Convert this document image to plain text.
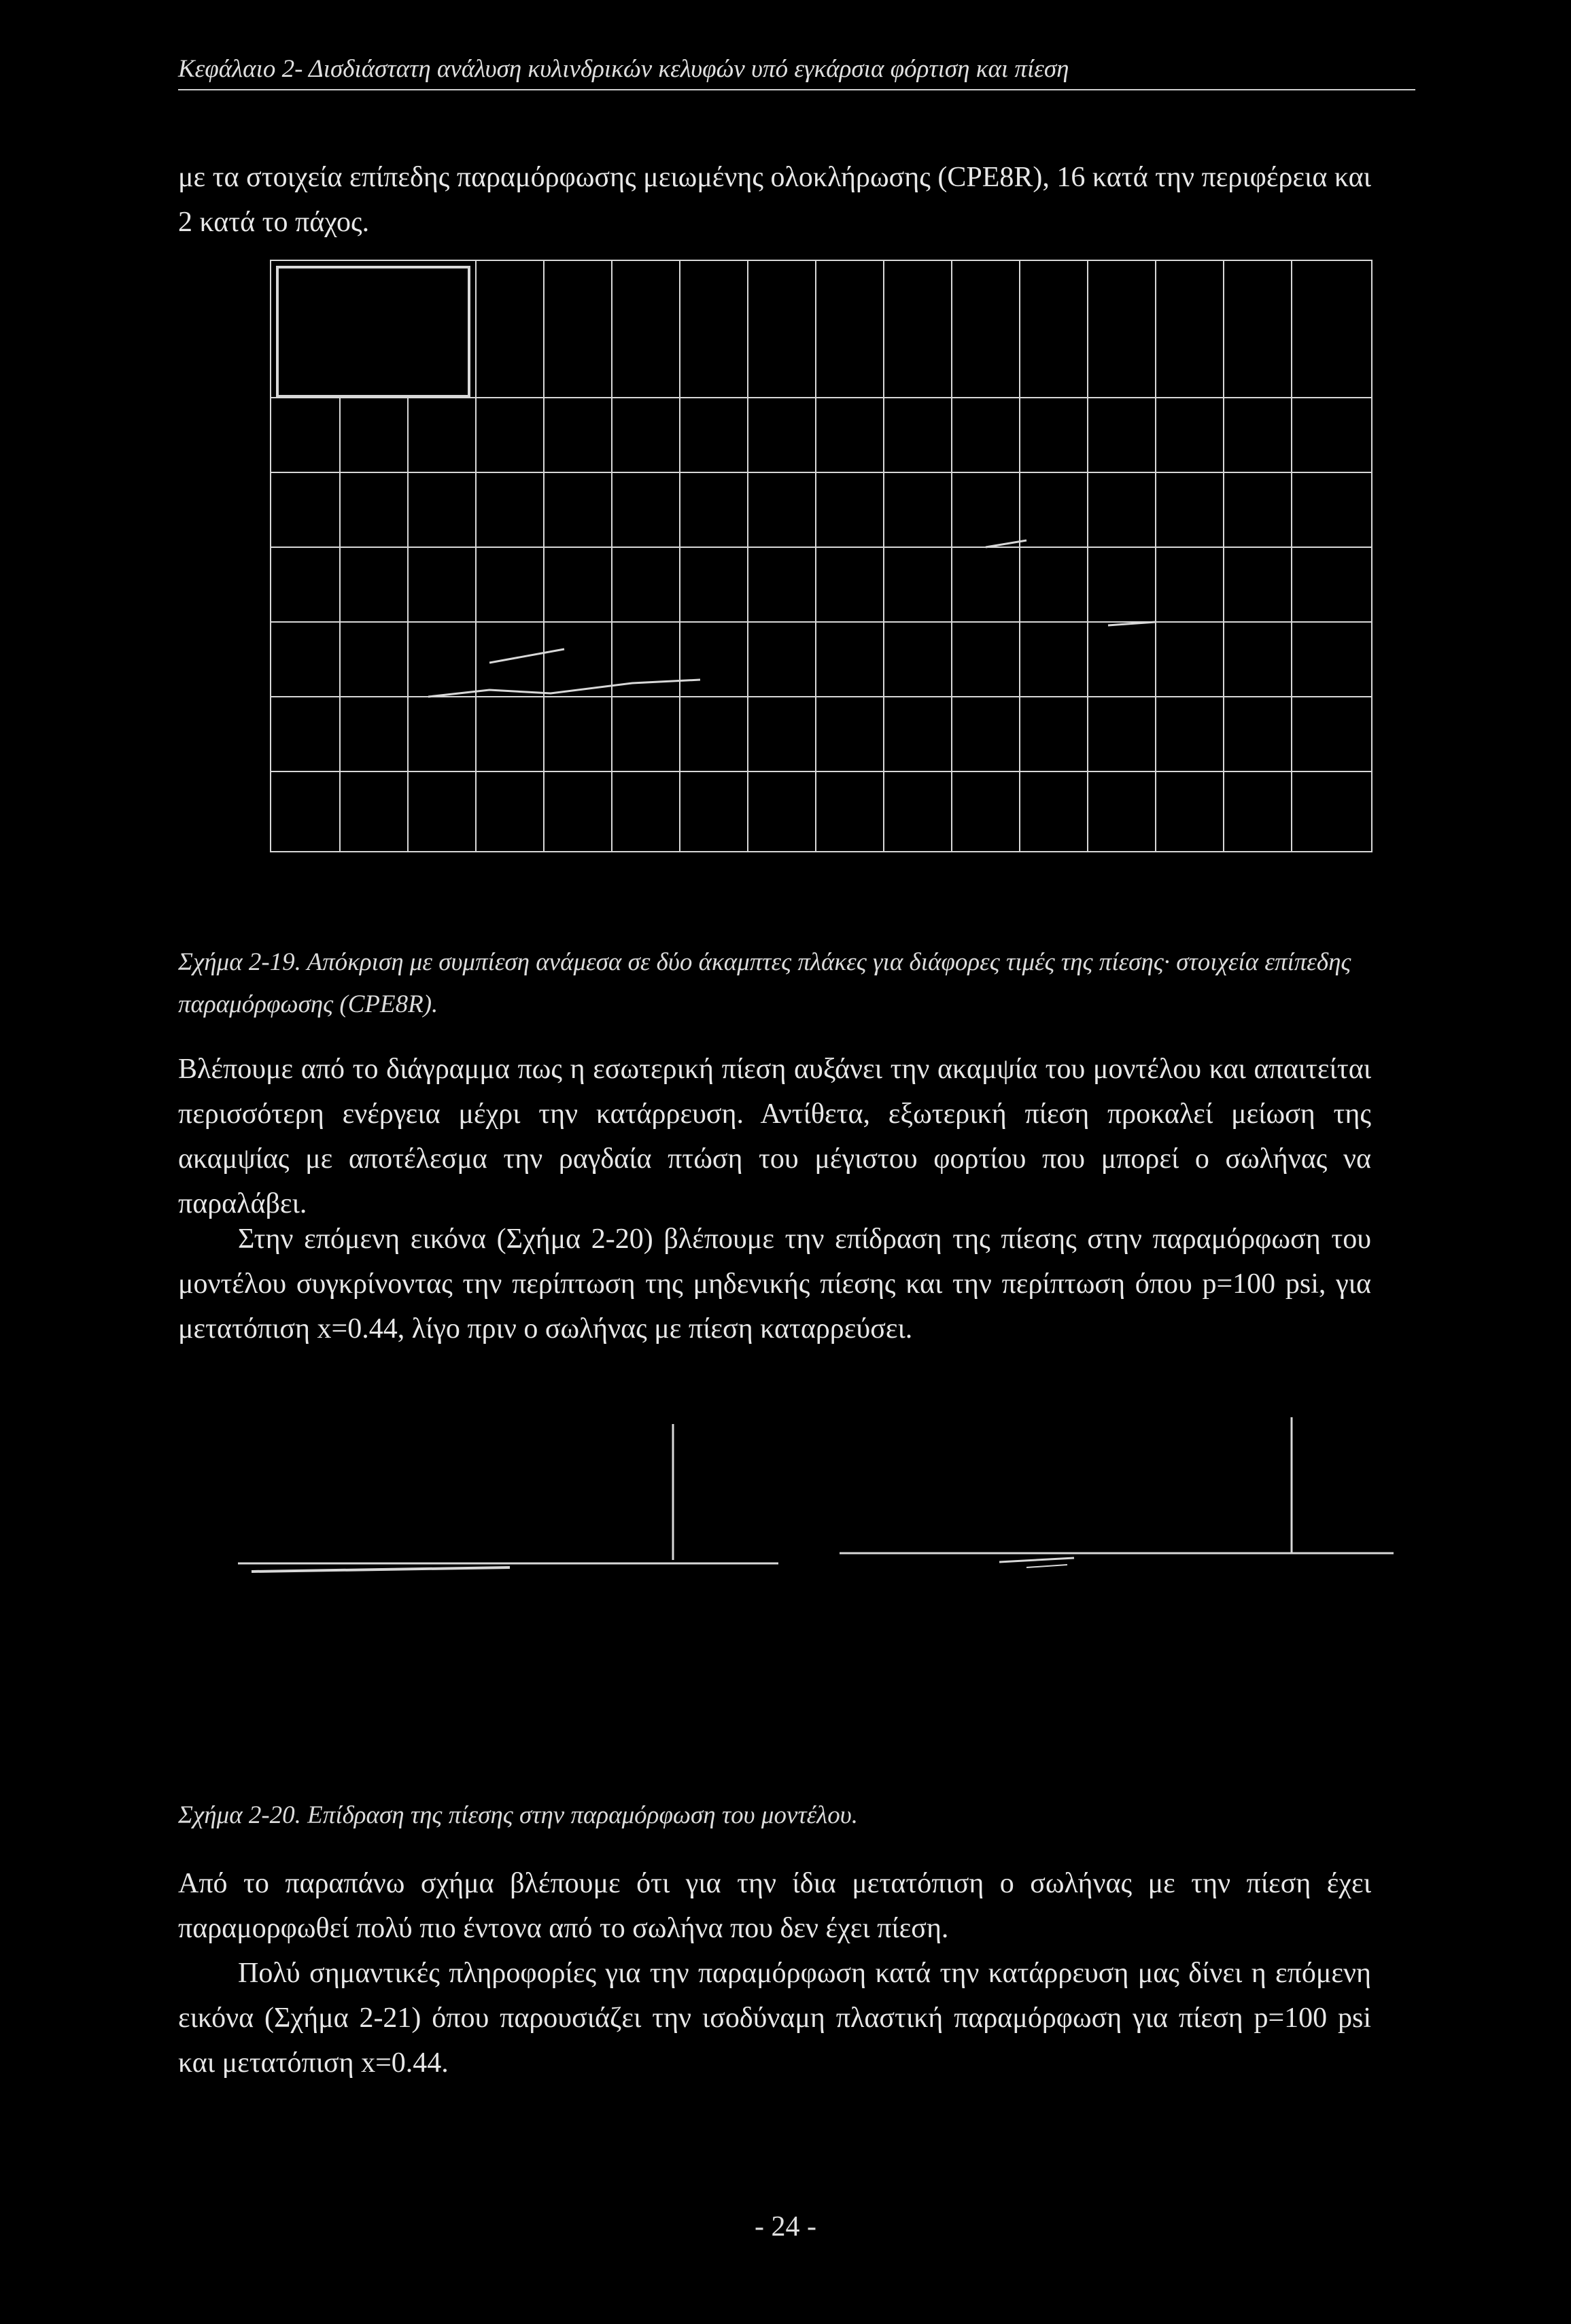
Κεφάλαιο 2- Δισδιάστατη ανάλυση κυλινδρικών κελυφών υπό εγκάρσια φόρτιση και πίεση
με τα στοιχεία επίπεδης παραμόρφωσης μειωμένης ολοκλήρωσης (CPE8R), 16 κατά την περιφέρεια και 2 κατά το πάχος.
Σχήμα 2-19. Απόκριση με συμπίεση ανάμεσα σε δύο άκαμπτες πλάκες για διάφορες τιμές της πίεσης· στοιχεία επίπεδης παραμόρφωσης (CPE8R).
Βλέπουμε από το διάγραμμα πως η εσωτερική πίεση αυξάνει την ακαμψία του μοντέλου και απαιτείται περισσότερη ενέργεια μέχρι την κατάρρευση. Αντίθετα, εξωτερική πίεση προκαλεί μείωση της ακαμψίας με αποτέλεσμα την ραγδαία πτώση του μέγιστου φορτίου που μπορεί ο σωλήνας να παραλάβει.
Στην επόμενη εικόνα (Σχήμα 2-20) βλέπουμε την επίδραση της πίεσης στην παραμόρφωση του μοντέλου συγκρίνοντας την περίπτωση της μηδενικής πίεσης και την περίπτωση όπου p=100 psi, για μετατόπιση x=0.44, λίγο πριν ο σωλήνας με πίεση καταρρεύσει.
Σχήμα 2-20. Επίδραση της πίεσης στην παραμόρφωση του μοντέλου.
Από το παραπάνω σχήμα βλέπουμε ότι για την ίδια μετατόπιση ο σωλήνας με την πίεση έχει παραμορφωθεί πολύ πιο έντονα από το σωλήνα που δεν έχει πίεση.
Πολύ σημαντικές πληροφορίες για την παραμόρφωση κατά την κατάρρευση μας δίνει η επόμενη εικόνα (Σχήμα 2-21) όπου παρουσιάζει την ισοδύναμη πλαστική παραμόρφωση για πίεση p=100 psi και μετατόπιση x=0.44.
- 24 -
